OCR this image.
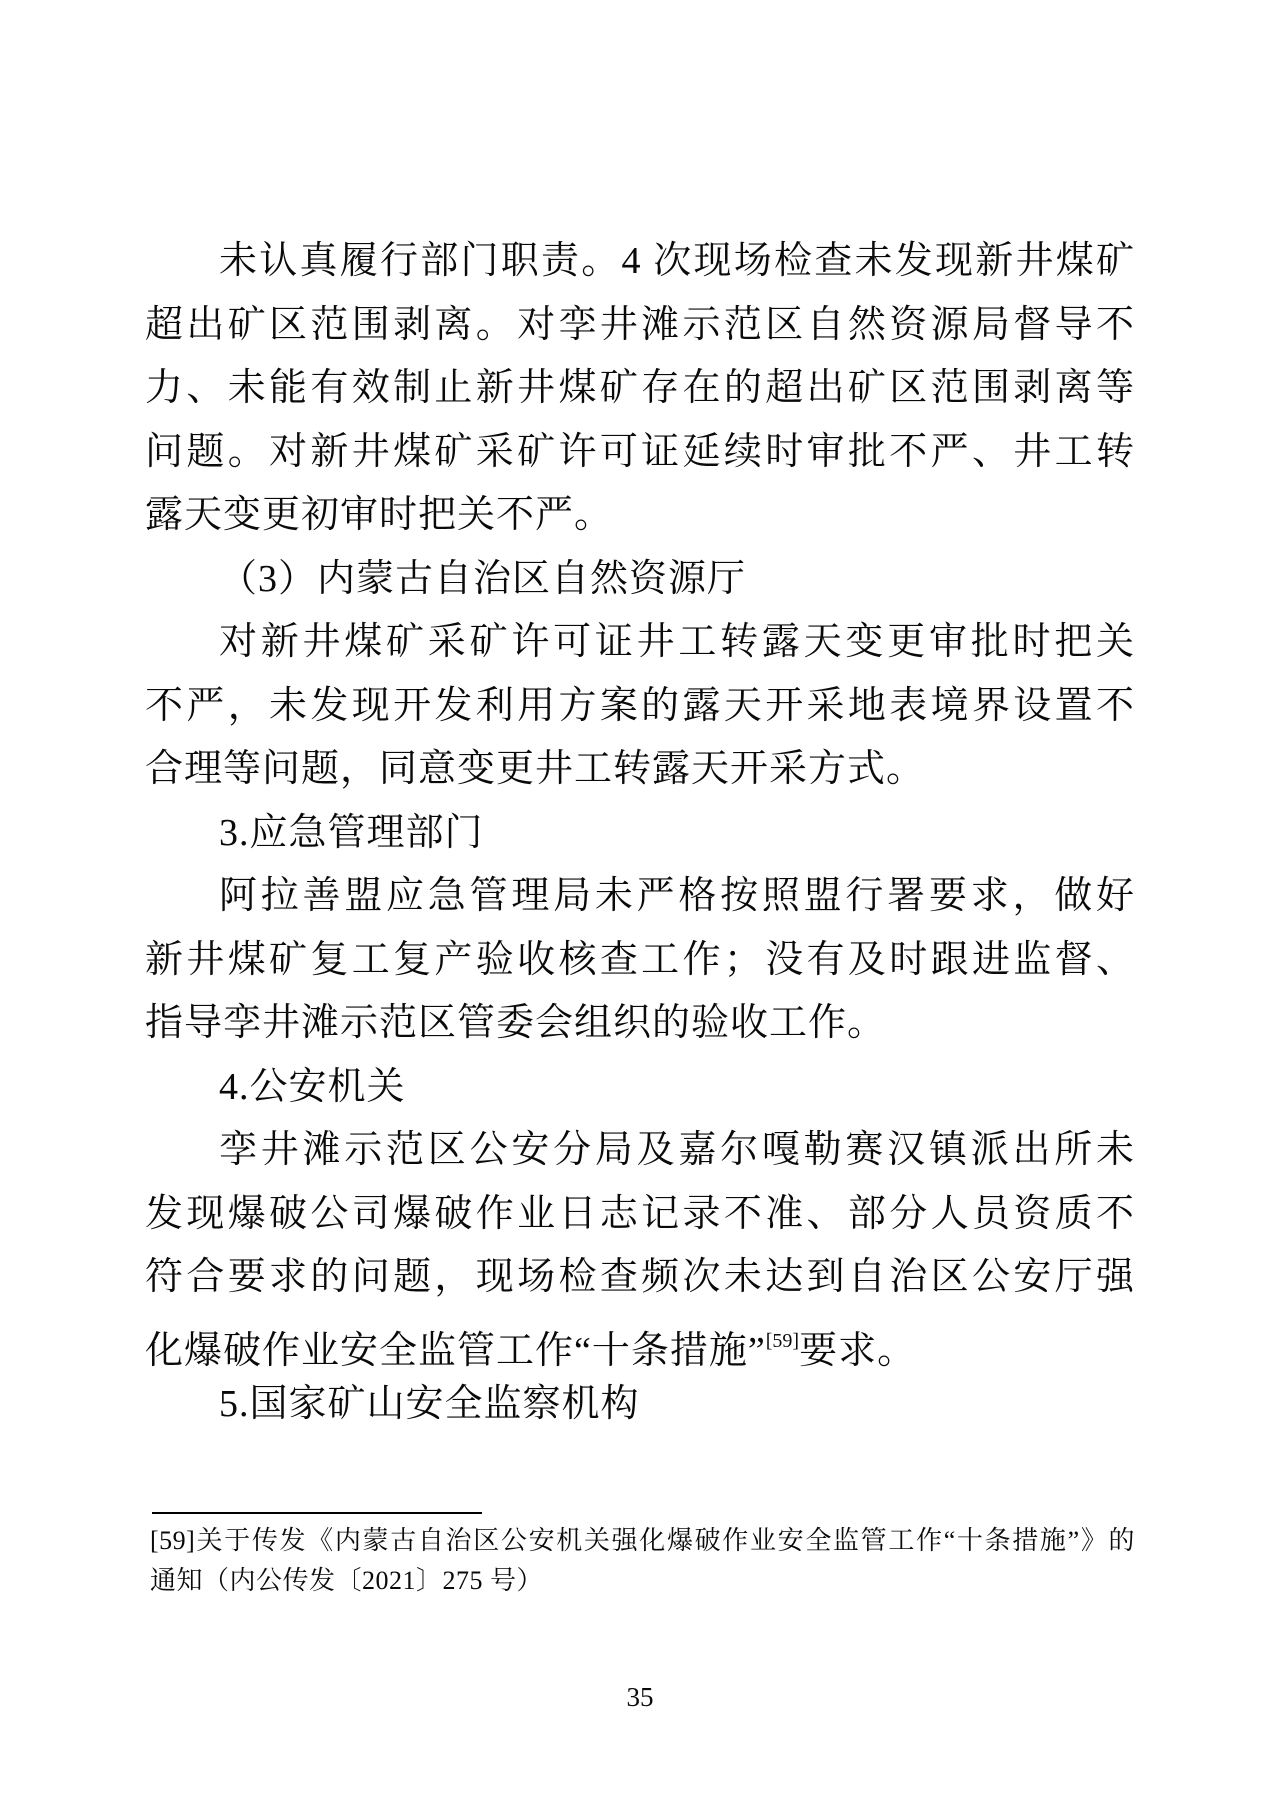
未认真履行部门职责。4 次现场检查未发现新井煤矿
超出矿区范围剥离。对孪井滩示范区自然资源局督导不
力、未能有效制止新井煤矿存在的超出矿区范围剥离等
问题。对新井煤矿采矿许可证延续时审批不严、井工转
露天变更初审时把关不严。
（3）内蒙古自治区自然资源厅
对新井煤矿采矿许可证井工转露天变更审批时把关
不严，未发现开发利用方案的露天开采地表境界设置不
合理等问题，同意变更井工转露天开采方式。
3.应急管理部门
阿拉善盟应急管理局未严格按照盟行署要求，做好
新井煤矿复工复产验收核查工作；没有及时跟进监督、
指导孪井滩示范区管委会组织的验收工作。
4.公安机关
孪井滩示范区公安分局及嘉尔嘎勒赛汉镇派出所未
发现爆破公司爆破作业日志记录不准、部分人员资质不
符合要求的问题，现场检查频次未达到自治区公安厅强
化爆破作业安全监管工作“十条措施”[59]要求。
5.国家矿山安全监察机构
[59]关于传发《内蒙古自治区公安机关强化爆破作业安全监管工作“十条措施”》的
通知（内公传发〔2021〕275 号）
35
